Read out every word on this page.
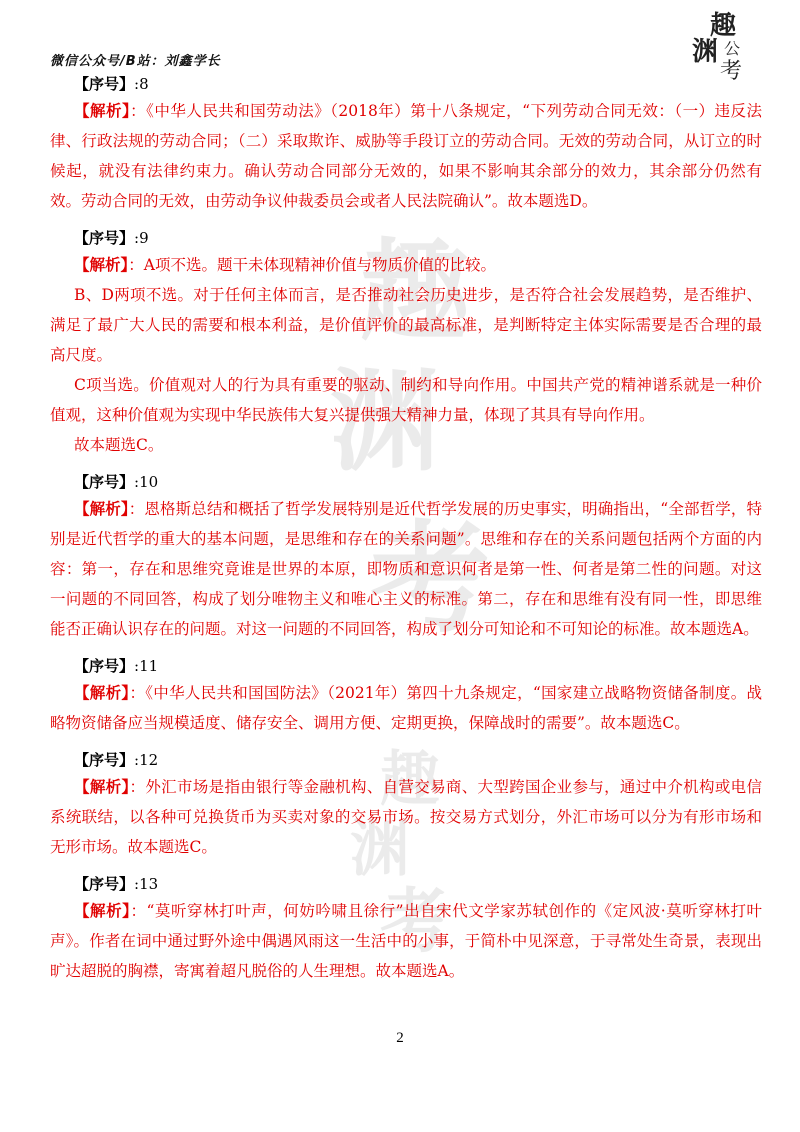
微信公众号/B站：刘鑫学长
趣
渊 公
考
趣
渊
考
趣
渊
考
【序号】:8

【解析】：《中华人民共和国劳动法》（2018年）第十八条规定，“下列劳动合同无效：（一）违反法律、行政法规的劳动合同；（二）采取欺诈、威胁等手段订立的劳动合同。无效的劳动合同，从订立的时候起，就没有法律约束力。确认劳动合同部分无效的，如果不影响其余部分的效力，其余部分仍然有效。劳动合同的无效，由劳动争议仲裁委员会或者人民法院确认”。故本题选D。

【序号】:9

【解析】：A项不选。题干未体现精神价值与物质价值的比较。

B、D两项不选。对于任何主体而言，是否推动社会历史进步，是否符合社会发展趋势，是否维护、满足了最广大人民的需要和根本利益，是价值评价的最高标准，是判断特定主体实际需要是否合理的最高尺度。

C项当选。价值观对人的行为具有重要的驱动、制约和导向作用。中国共产党的精神谱系就是一种价值观，这种价值观为实现中华民族伟大复兴提供强大精神力量，体现了其具有导向作用。

故本题选C。

【序号】:10

【解析】：恩格斯总结和概括了哲学发展特别是近代哲学发展的历史事实，明确指出，“全部哲学，特别是近代哲学的重大的基本问题，是思维和存在的关系问题”。思维和存在的关系问题包括两个方面的内容：第一，存在和思维究竟谁是世界的本原，即物质和意识何者是第一性、何者是第二性的问题。对这一问题的不同回答，构成了划分唯物主义和唯心主义的标准。第二，存在和思维有没有同一性，即思维能否正确认识存在的问题。对这一问题的不同回答，构成了划分可知论和不可知论的标准。故本题选A。

【序号】:11

【解析】：《中华人民共和国国防法》（2021年）第四十九条规定，“国家建立战略物资储备制度。战略物资储备应当规模适度、储存安全、调用方便、定期更换，保障战时的需要”。故本题选C。

【序号】:12

【解析】：外汇市场是指由银行等金融机构、自营交易商、大型跨国企业参与，通过中介机构或电信系统联结，以各种可兑换货币为买卖对象的交易市场。按交易方式划分，外汇市场可以分为有形市场和无形市场。故本题选C。

【序号】:13

【解析】：“莫听穿林打叶声，何妨吟啸且徐行”出自宋代文学家苏轼创作的《定风波·莫听穿林打叶声》。作者在词中通过野外途中偶遇风雨这一生活中的小事，于简朴中见深意，于寻常处生奇景，表现出旷达超脱的胸襟，寄寓着超凡脱俗的人生理想。故本题选A。

2
